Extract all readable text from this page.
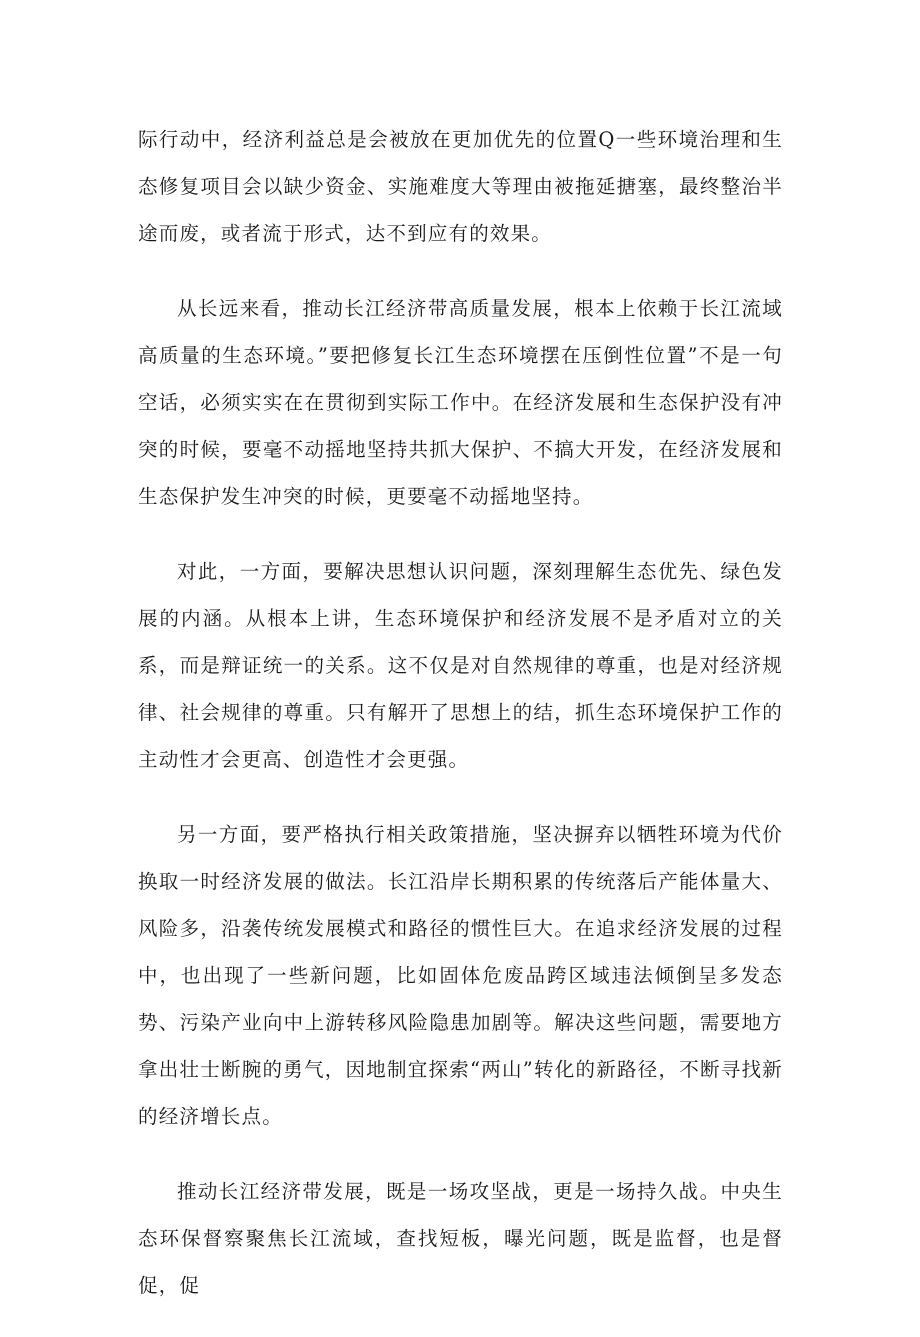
际行动中，经济利益总是会被放在更加优先的位置Q一些环境治理和生态修复项目会以缺少资金、实施难度大等理由被拖延搪塞，最终整治半途而废，或者流于形式，达不到应有的效果。

从长远来看，推动长江经济带高质量发展，根本上依赖于长江流域高质量的生态环境。”要把修复长江生态环境摆在压倒性位置”不是一句空话，必须实实在在贯彻到实际工作中。在经济发展和生态保护没有冲突的时候，要毫不动摇地坚持共抓大保护、不搞大开发，在经济发展和生态保护发生冲突的时候，更要毫不动摇地坚持。

对此，一方面，要解决思想认识问题，深刻理解生态优先、绿色发展的内涵。从根本上讲，生态环境保护和经济发展不是矛盾对立的关系，而是辩证统一的关系。这不仅是对自然规律的尊重，也是对经济规律、社会规律的尊重。只有解开了思想上的结，抓生态环境保护工作的主动性才会更高、创造性才会更强。

另一方面，要严格执行相关政策措施，坚决摒弃以牺牲环境为代价换取一时经济发展的做法。长江沿岸长期积累的传统落后产能体量大、风险多，沿袭传统发展模式和路径的惯性巨大。在追求经济发展的过程中，也出现了一些新问题，比如固体危废品跨区域违法倾倒呈多发态势、污染产业向中上游转移风险隐患加剧等。解决这些问题，需要地方拿出壮士断腕的勇气，因地制宜探索“两山”转化的新路径，不断寻找新的经济增长点。

推动长江经济带发展，既是一场攻坚战，更是一场持久战。中央生态环保督察聚焦长江流域，查找短板，曝光问题，既是监督，也是督促，促
